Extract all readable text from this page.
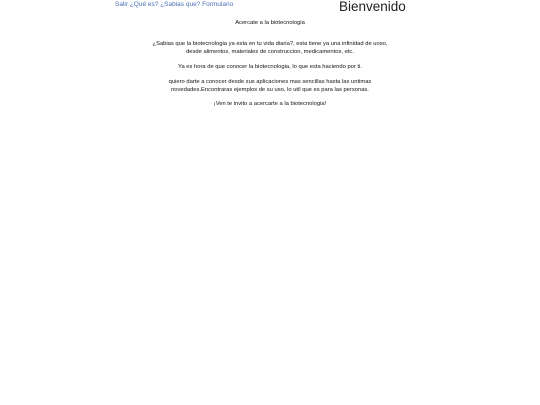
Salir ¿Qué es? ¿Sabias que? Formulario	Bienvenido

Acercate a la biotecnologia

¿Sabias que la biotecnologia ya esta en tu vida diaria?, esta tiene ya una infinidad de uoso,
desde alimentos, materiales de construccion, medicamentos, etc.

Ya es hora de que conocer la biotecnologia, lo que esta haciendo por ti.

quiero darte a conocer desde sus aplicaciones mas sencillas hasta las untimas
novedades.Encontraras ejemplos de su uso, lo util que es para las personas.

¡Ven te invito a acercarte a la biotecnologia!
